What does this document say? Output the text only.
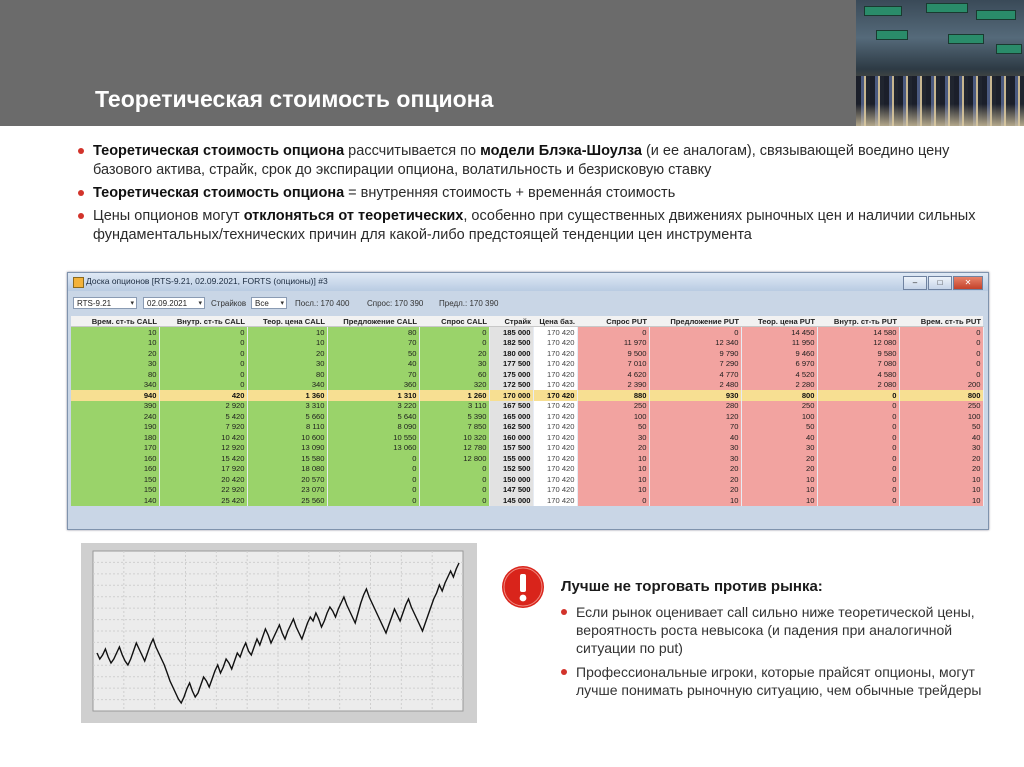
Теоретическая стоимость опциона
Теоретическая стоимость опциона рассчитывается по модели Блэка-Шоулза (и ее аналогам), связывающей воедино цену базового актива, страйк, срок до экспирации опциона, волатильность и безрисковую ставку
Теоретическая стоимость опциона = внутренняя стоимость + временна́я стоимость
Цены опционов могут отклоняться от теоретических, особенно при существенных движениях рыночных цен и наличии сильных фундаментальных/технических причин для какой-либо предстоящей тенденции цен инструмента
Доска опционов [RTS-9.21, 02.09.2021, FORTS (опционы)] #3	–	□	✕
RTS-9.21	▾	02.09.2021 ▾ Страйков	Все ▾ Посл.: 170 400 Спрос: 170 390 Предл.: 170 390
Врем. ст-ть CALL	Внутр. ст-ть CALL	Теор. цена CALL	Предложение CALL	Спрос CALL	Страйк	Цена баз.	Спрос PUT	Предложение PUT	Теор. цена PUT	Внутр. ст-ть PUT	Врем. ст-ть PUT
10	0	10	80	0	185 000	170 420	0	0	14 450	14 580	0
10	0	10	70	0	182 500	170 420	11 970	12 340	11 950	12 080	0
20	0	20	50	20	180 000	170 420	9 500	9 790	9 460	9 580	0
30	0	30	40	30	177 500	170 420	7 010	7 290	6 970	7 080	0
80	0	80	70	60	175 000	170 420	4 620	4 770	4 520	4 580	0
340	0	340	360	320	172 500	170 420	2 390	2 480	2 280	2 080	200
940	420	1 360	1 310	1 260	170 000	170 420	880	930	800	0	800
390	2 920	3 310	3 220	3 110	167 500	170 420	250	280	250	0	250
240	5 420	5 660	5 640	5 390	165 000	170 420	100	120	100	0	100
190	7 920	8 110	8 090	7 850	162 500	170 420	50	70	50	0	50
180	10 420	10 600	10 550	10 320	160 000	170 420	30	40	40	0	40
170	12 920	13 090	13 060	12 780	157 500	170 420	20	30	30	0	30
160	15 420	15 580	0	12 800	155 000	170 420	10	30	20	0	20
160	17 920	18 080	0	0	152 500	170 420	10	20	20	0	20
150	20 420	20 570	0	0	150 000	170 420	10	20	10	0	10
150	22 920	23 070	0	0	147 500	170 420	10	20	10	0	10
140	25 420	25 560	0	0	145 000	170 420	0	10	10	0	10
Лучше не торговать против рынка:
Если рынок оценивает call сильно ниже теоретической цены, вероятность роста невысока (и падения при аналогичной ситуации по put)
Профессиональные игроки, которые прайсят опционы, могут лучше понимать рыночную ситуацию, чем обычные трейдеры
